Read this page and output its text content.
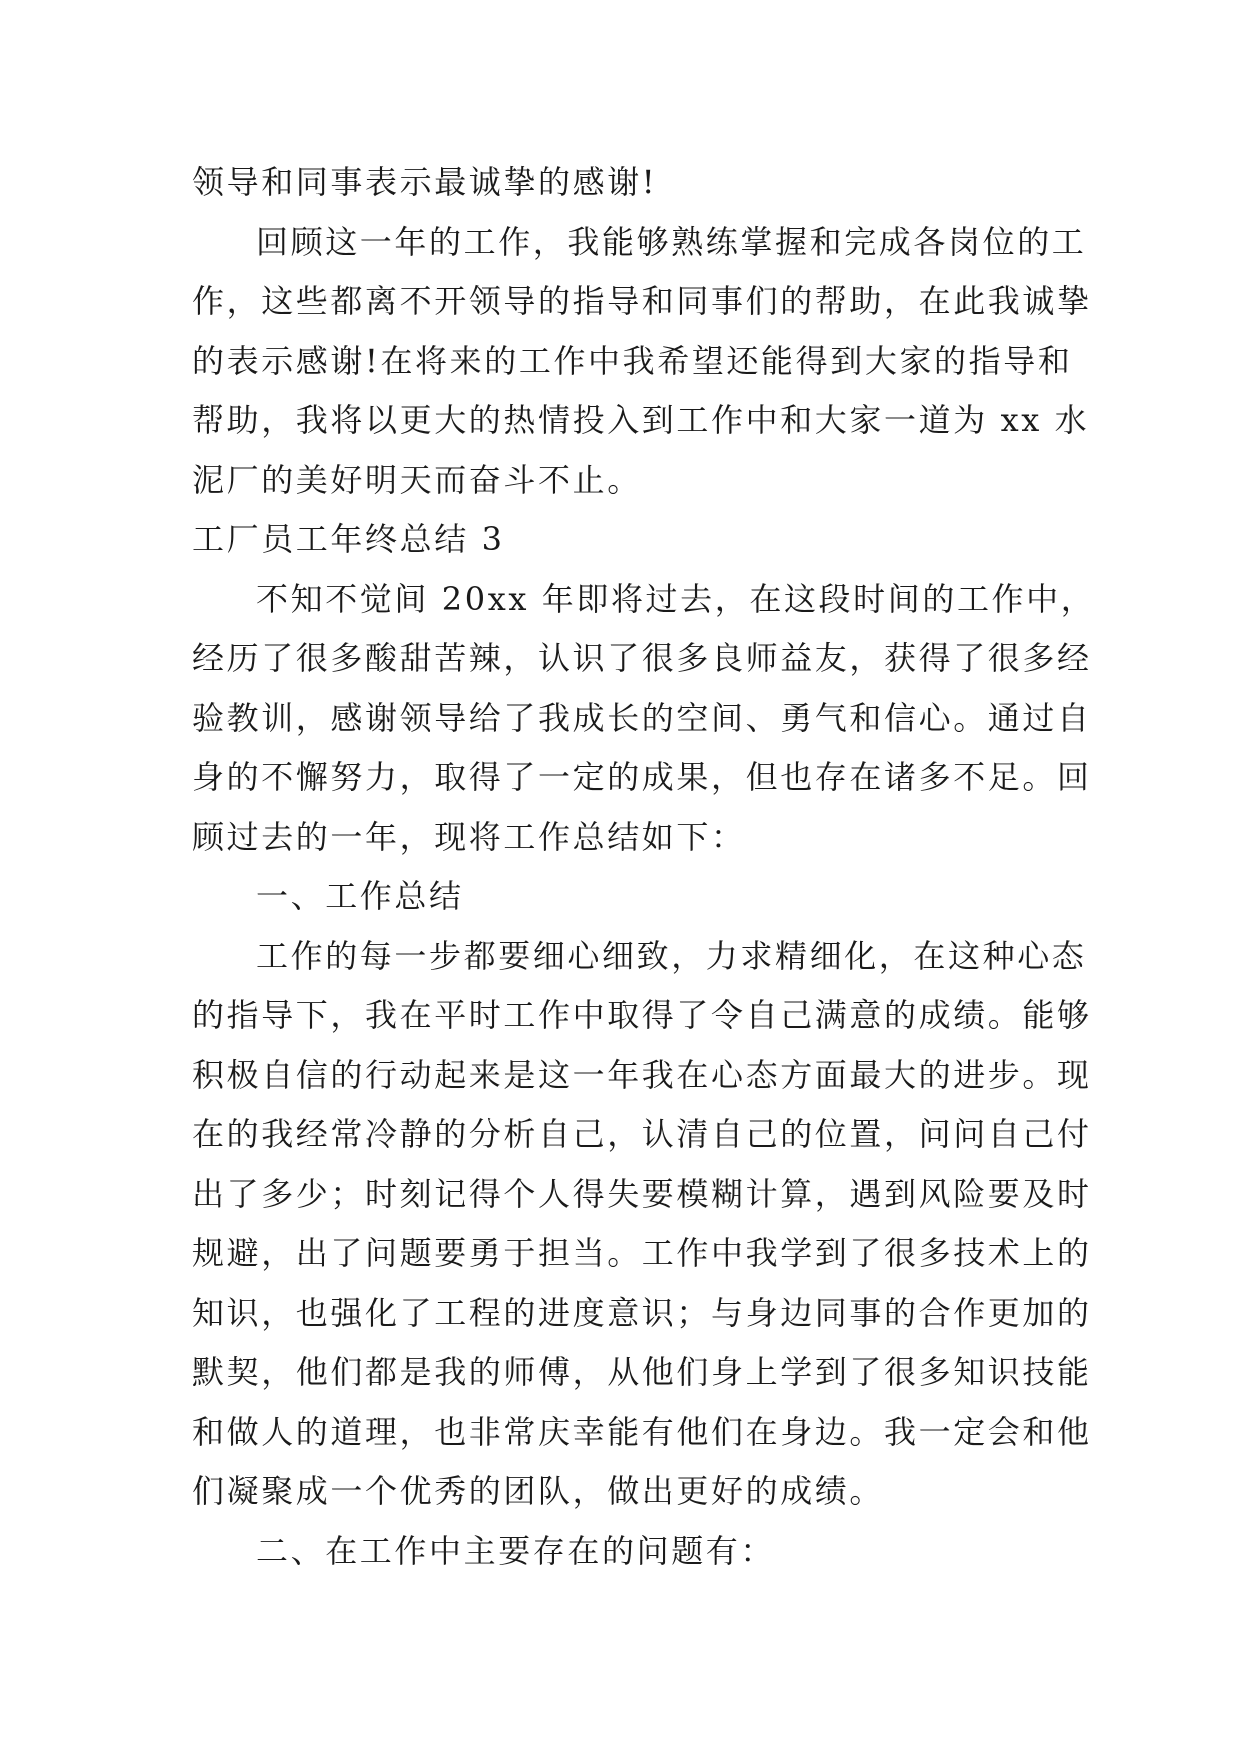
领导和同事表示最诚挚的感谢!
回顾这一年的工作，我能够熟练掌握和完成各岗位的工
作，这些都离不开领导的指导和同事们的帮助，在此我诚挚
的表示感谢!在将来的工作中我希望还能得到大家的指导和
帮助，我将以更大的热情投入到工作中和大家一道为 xx 水
泥厂的美好明天而奋斗不止。
工厂员工年终总结 3
不知不觉间 20xx 年即将过去，在这段时间的工作中，
经历了很多酸甜苦辣，认识了很多良师益友，获得了很多经
验教训，感谢领导给了我成长的空间、勇气和信心。通过自
身的不懈努力，取得了一定的成果，但也存在诸多不足。回
顾过去的一年，现将工作总结如下：
一、工作总结
工作的每一步都要细心细致，力求精细化，在这种心态
的指导下，我在平时工作中取得了令自己满意的成绩。能够
积极自信的行动起来是这一年我在心态方面最大的进步。现
在的我经常冷静的分析自己，认清自己的位置，问问自己付
出了多少；时刻记得个人得失要模糊计算，遇到风险要及时
规避，出了问题要勇于担当。工作中我学到了很多技术上的
知识，也强化了工程的进度意识；与身边同事的合作更加的
默契，他们都是我的师傅，从他们身上学到了很多知识技能
和做人的道理，也非常庆幸能有他们在身边。我一定会和他
们凝聚成一个优秀的团队，做出更好的成绩。
二、在工作中主要存在的问题有：
